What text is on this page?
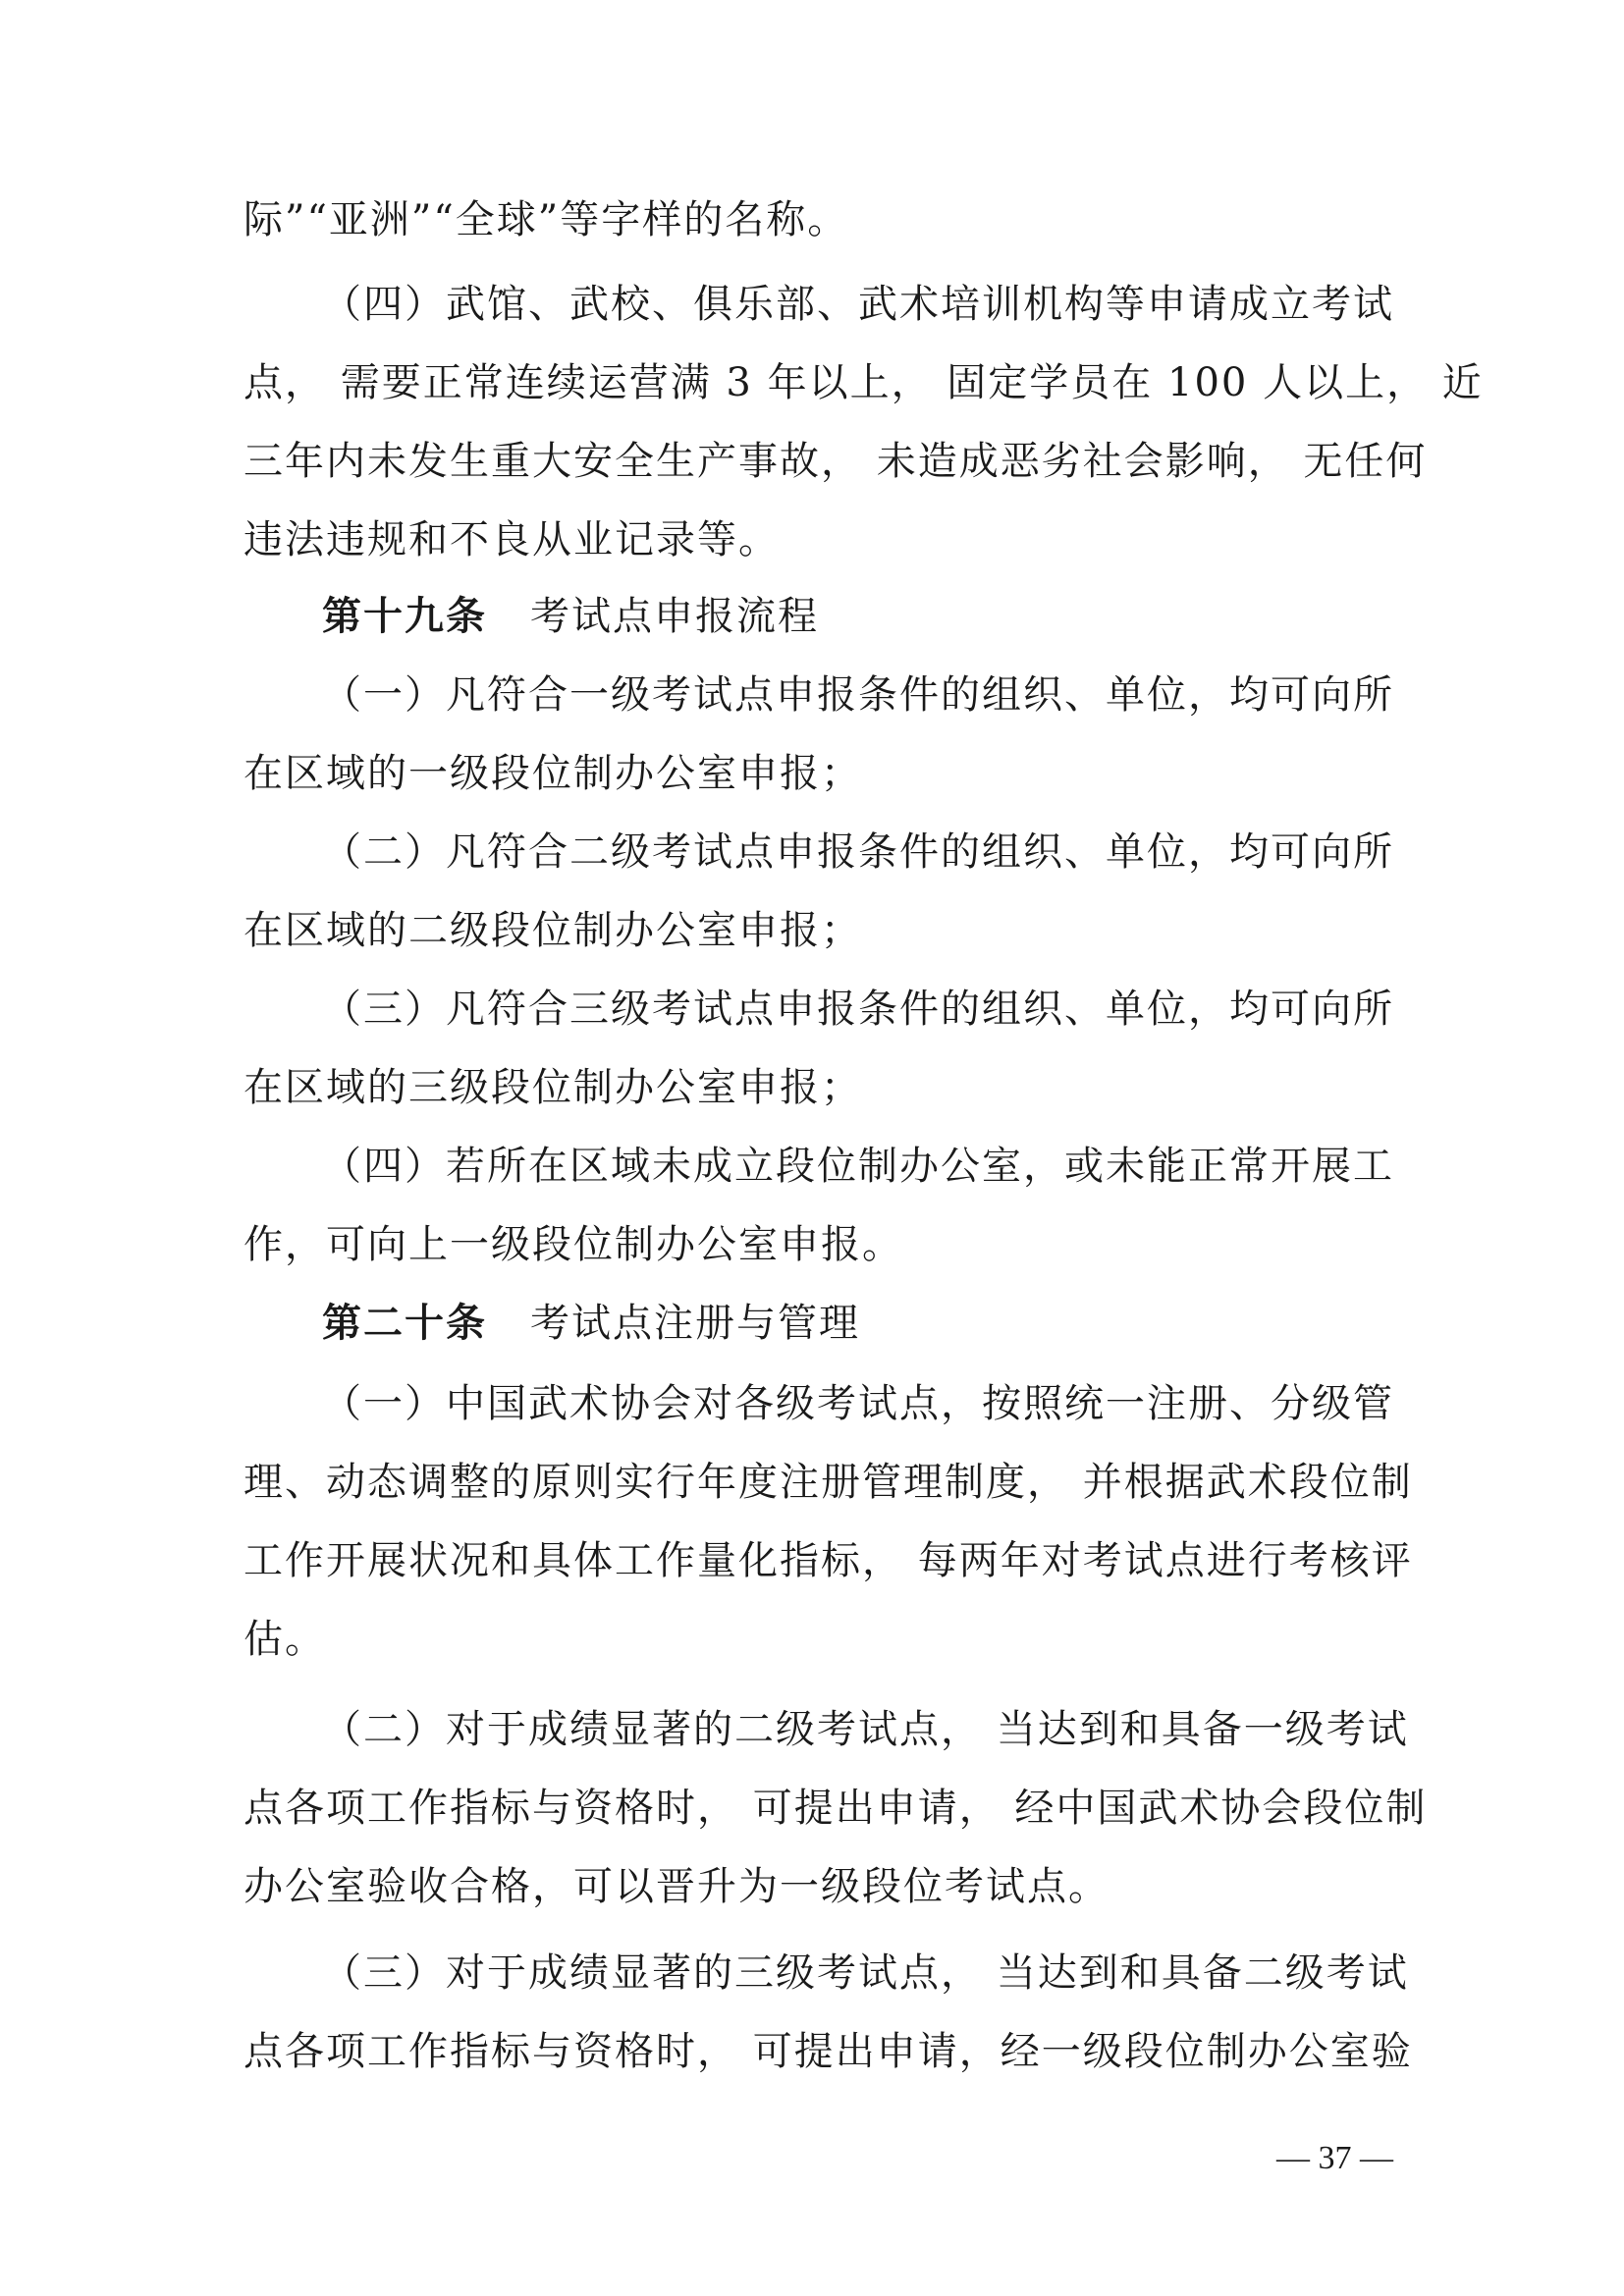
际”“亚洲”“全球”等字样的名称。
（四）武馆、武校、俱乐部、武术培训机构等申请成立考试
点， 需要正常连续运营满 3 年以上， 固定学员在 100 人以上， 近
三年内未发生重大安全生产事故， 未造成恶劣社会影响， 无任何
违法违规和不良从业记录等。
第十九条 考试点申报流程
（一）凡符合一级考试点申报条件的组织、单位，均可向所
在区域的一级段位制办公室申报；
（二）凡符合二级考试点申报条件的组织、单位，均可向所
在区域的二级段位制办公室申报；
（三）凡符合三级考试点申报条件的组织、单位，均可向所
在区域的三级段位制办公室申报；
（四）若所在区域未成立段位制办公室，或未能正常开展工
作，可向上一级段位制办公室申报。
第二十条 考试点注册与管理
（一）中国武术协会对各级考试点，按照统一注册、分级管
理、动态调整的原则实行年度注册管理制度， 并根据武术段位制
工作开展状况和具体工作量化指标， 每两年对考试点进行考核评
估。
（二）对于成绩显著的二级考试点， 当达到和具备一级考试
点各项工作指标与资格时， 可提出申请， 经中国武术协会段位制
办公室验收合格，可以晋升为一级段位考试点。
（三）对于成绩显著的三级考试点， 当达到和具备二级考试
点各项工作指标与资格时， 可提出申请，经一级段位制办公室验
— 37 —
